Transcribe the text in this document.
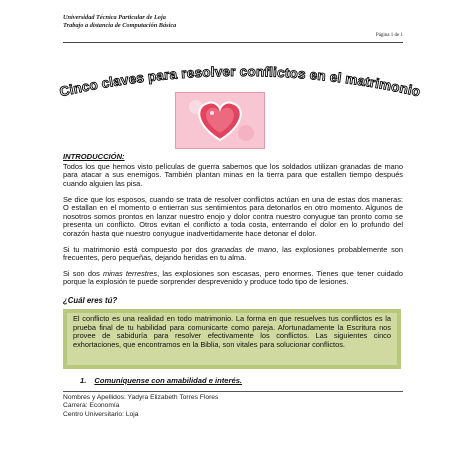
Universidad Técnica Particular de Loja
Trabajo a distancia de Computación Básica
Página 1 de 1
Cinco claves para resolver conflictos en el matrimonio
INTRODUCCIÓN:

Todos los que hemos visto películas de guerra sabemos que los soldados utilizan granadas de mano para atacar a sus enemigos. También plantan minas en la tierra para que estallen tiempo después cuando alguien las pisa.

Se dice que los esposos, cuando se trata de resolver conflictos actúan en una de estas dos maneras: O estallan en el momento o entierran sus sentimientos para detonarlos en otro momento. Algunos de nosotros somos prontos en lanzar nuestro enojo y dolor contra nuestro conyugue tan pronto como se presenta un conflicto. Otros evitan el conflicto a toda costa, enterrando el dolor en lo profundo del corazón hasta que nuestro conyugue inadvertidamente hace detonar el dolor.

Si tu matrimonio está compuesto por dos granadas de mano, las explosiones probablemente son frecuentes, pero pequeñas, dejando heridas en tu alma.

Si son dos minas terrestres, las explosiones son escasas, pero enormes. Tienes que tener cuidado porque la explosión te puede sorprender desprevenido y produce todo tipo de lesiones.

¿Cuál eres tú?
El conflicto es una realidad en todo matrimonio. La forma en que resuelves tus conflictos es la prueba final de tu habilidad para comunicarte como pareja. Afortunadamente la Escritura nos provee de sabiduría para resolver efectivamente los conflictos. Las siguientes cinco exhortaciones, que encontramos en la Biblia, son vitales para solucionar conflictos.
1. Comuníquense con amabilidad e interés.
Nombres y Apellidos: Yadyra Elizabeth Torres Flores
Carrera: Economía
Centro Universitario: Loja
